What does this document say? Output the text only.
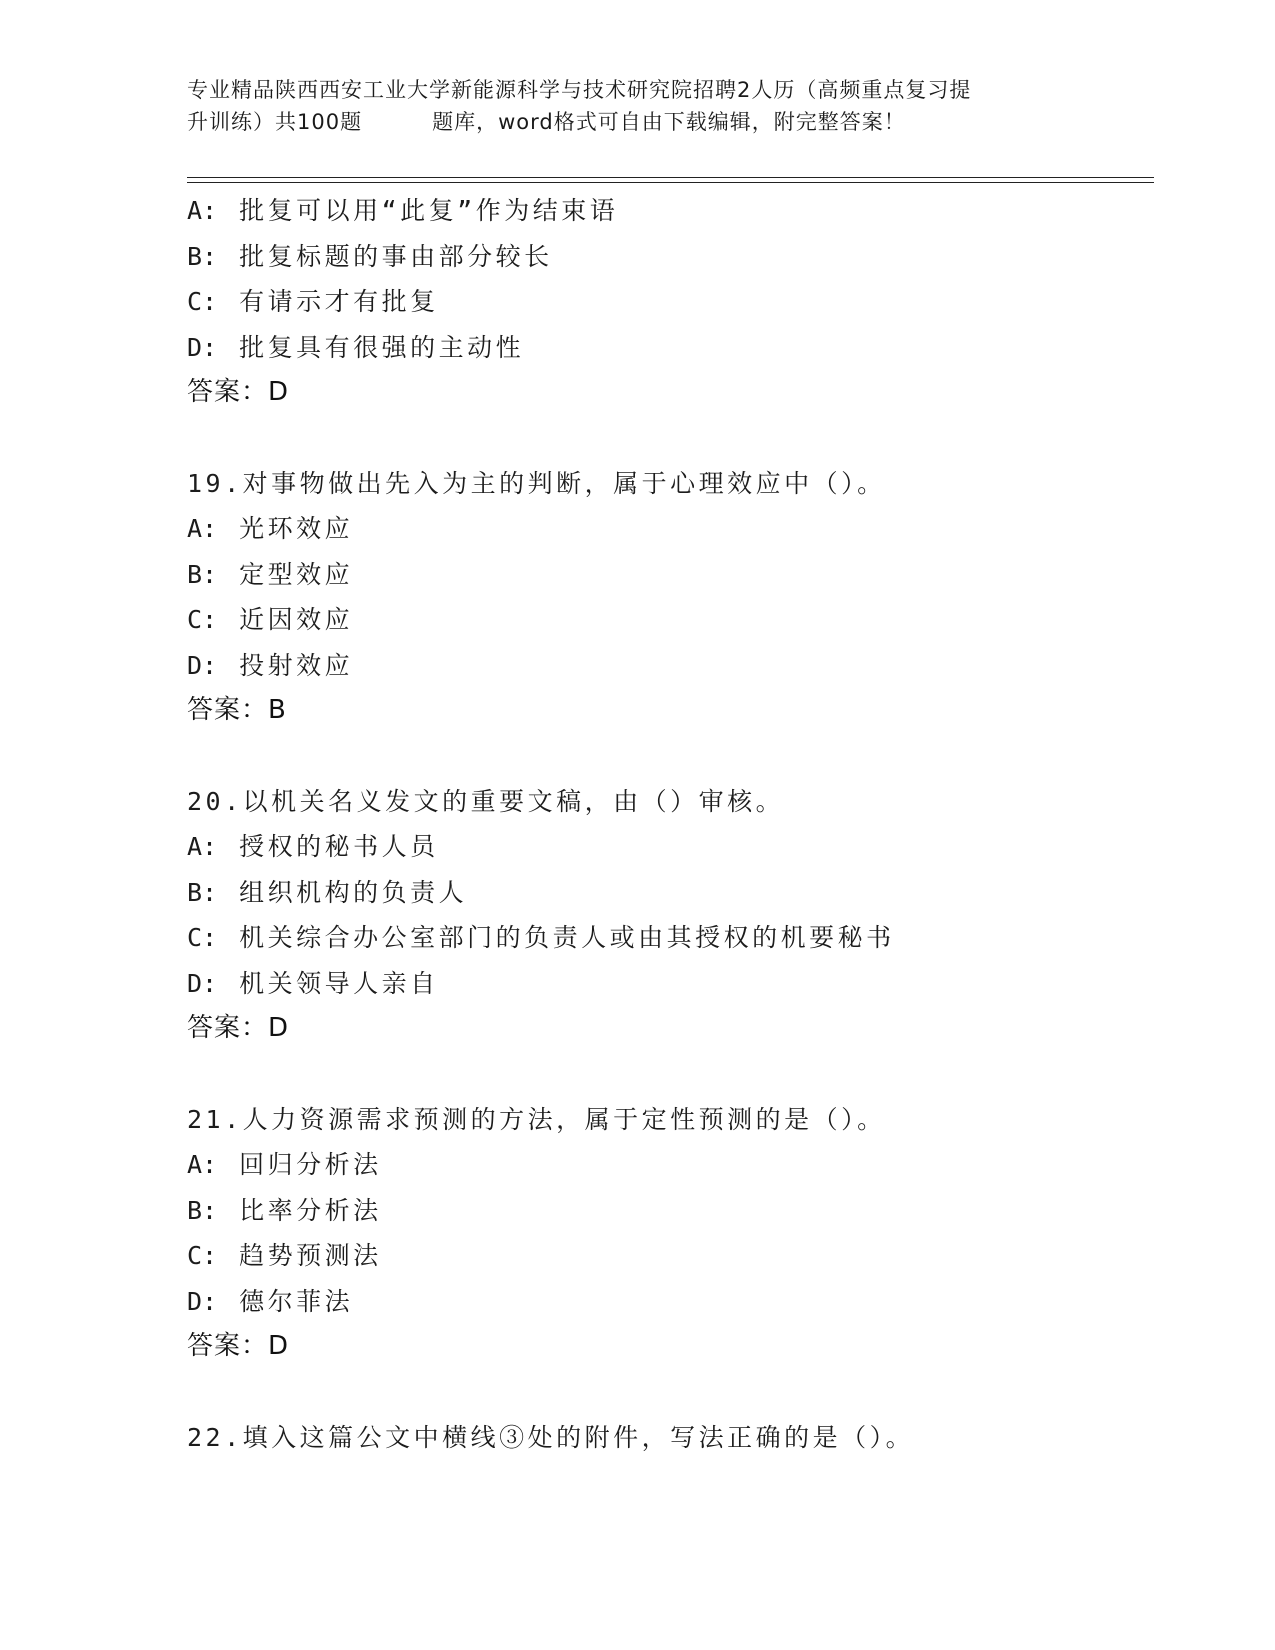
专业精品陕西西安工业大学新能源科学与技术研究院招聘2人历（高频重点复习提
升训练）共100题	题库，word格式可自由下载编辑，附完整答案！
A: 批复可以用“此复”作为结束语
B: 批复标题的事由部分较长
C: 有请示才有批复
D: 批复具有很强的主动性
答案：D
19.对事物做出先入为主的判断，属于心理效应中（）。
A: 光环效应
B: 定型效应
C: 近因效应
D: 投射效应
答案：B
20.以机关名义发文的重要文稿，由（）审核。
A: 授权的秘书人员
B: 组织机构的负责人
C: 机关综合办公室部门的负责人或由其授权的机要秘书
D: 机关领导人亲自
答案：D
21.人力资源需求预测的方法，属于定性预测的是（）。
A: 回归分析法
B: 比率分析法
C: 趋势预测法
D: 德尔菲法
答案：D
22.填入这篇公文中横线③处的附件，写法正确的是（）。
